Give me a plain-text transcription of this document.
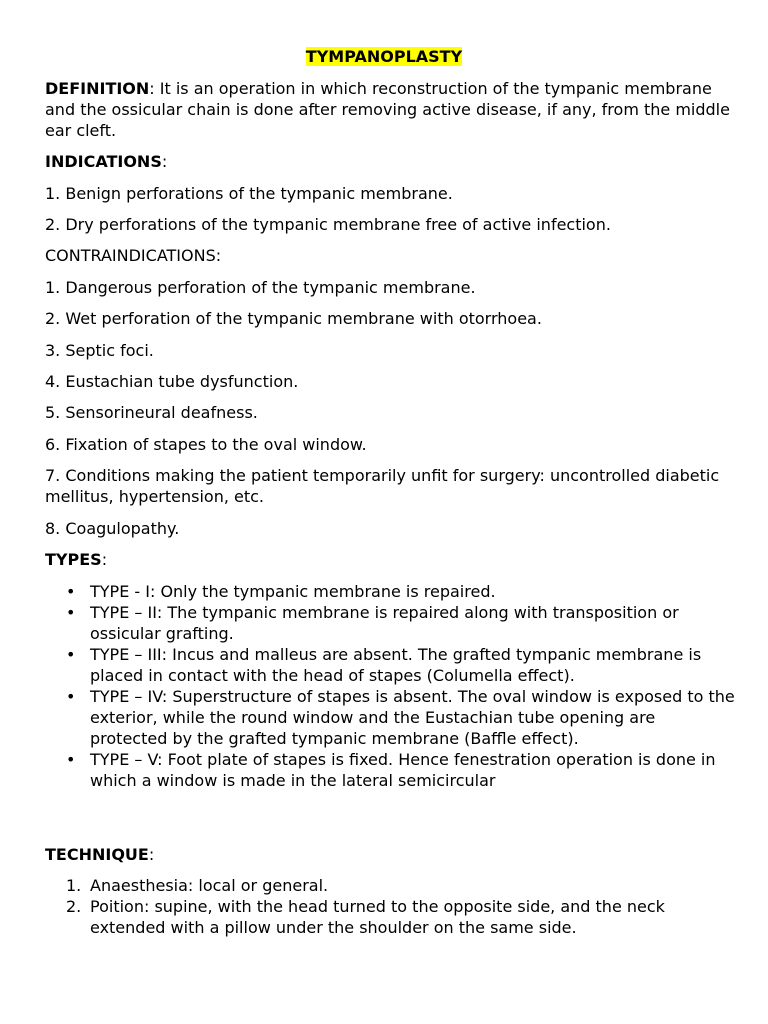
TYMPANOPLASTY

DEFINITION: It is an operation in which reconstruction of the tympanic membrane and the ossicular chain is done after removing active disease, if any, from the middle ear cleft.

INDICATIONS:

1. Benign perforations of the tympanic membrane.

2. Dry perforations of the tympanic membrane free of active infection.

CONTRAINDICATIONS:

1. Dangerous perforation of the tympanic membrane.

2. Wet perforation of the tympanic membrane with otorrhoea.

3. Septic foci.

4. Eustachian tube dysfunction.

5. Sensorineural deafness.

6. Fixation of stapes to the oval window.

7. Conditions making the patient temporarily unfit for surgery: uncontrolled diabetic mellitus, hypertension, etc.

8. Coagulopathy.

TYPES:

• TYPE - I: Only the tympanic membrane is repaired.
• TYPE – II: The tympanic membrane is repaired along with transposition or ossicular grafting.
• TYPE – III: Incus and malleus are absent. The grafted tympanic membrane is placed in contact with the head of stapes (Columella effect).
• TYPE – IV: Superstructure of stapes is absent. The oval window is exposed to the exterior, while the round window and the Eustachian tube opening are protected by the grafted tympanic membrane (Baffle effect).
• TYPE – V: Foot plate of stapes is fixed. Hence fenestration operation is done in which a window is made in the lateral semicircular

TECHNIQUE:

1. Anaesthesia: local or general.
2. Poition: supine, with the head turned to the opposite side, and the neck extended with a pillow under the shoulder on the same side.
